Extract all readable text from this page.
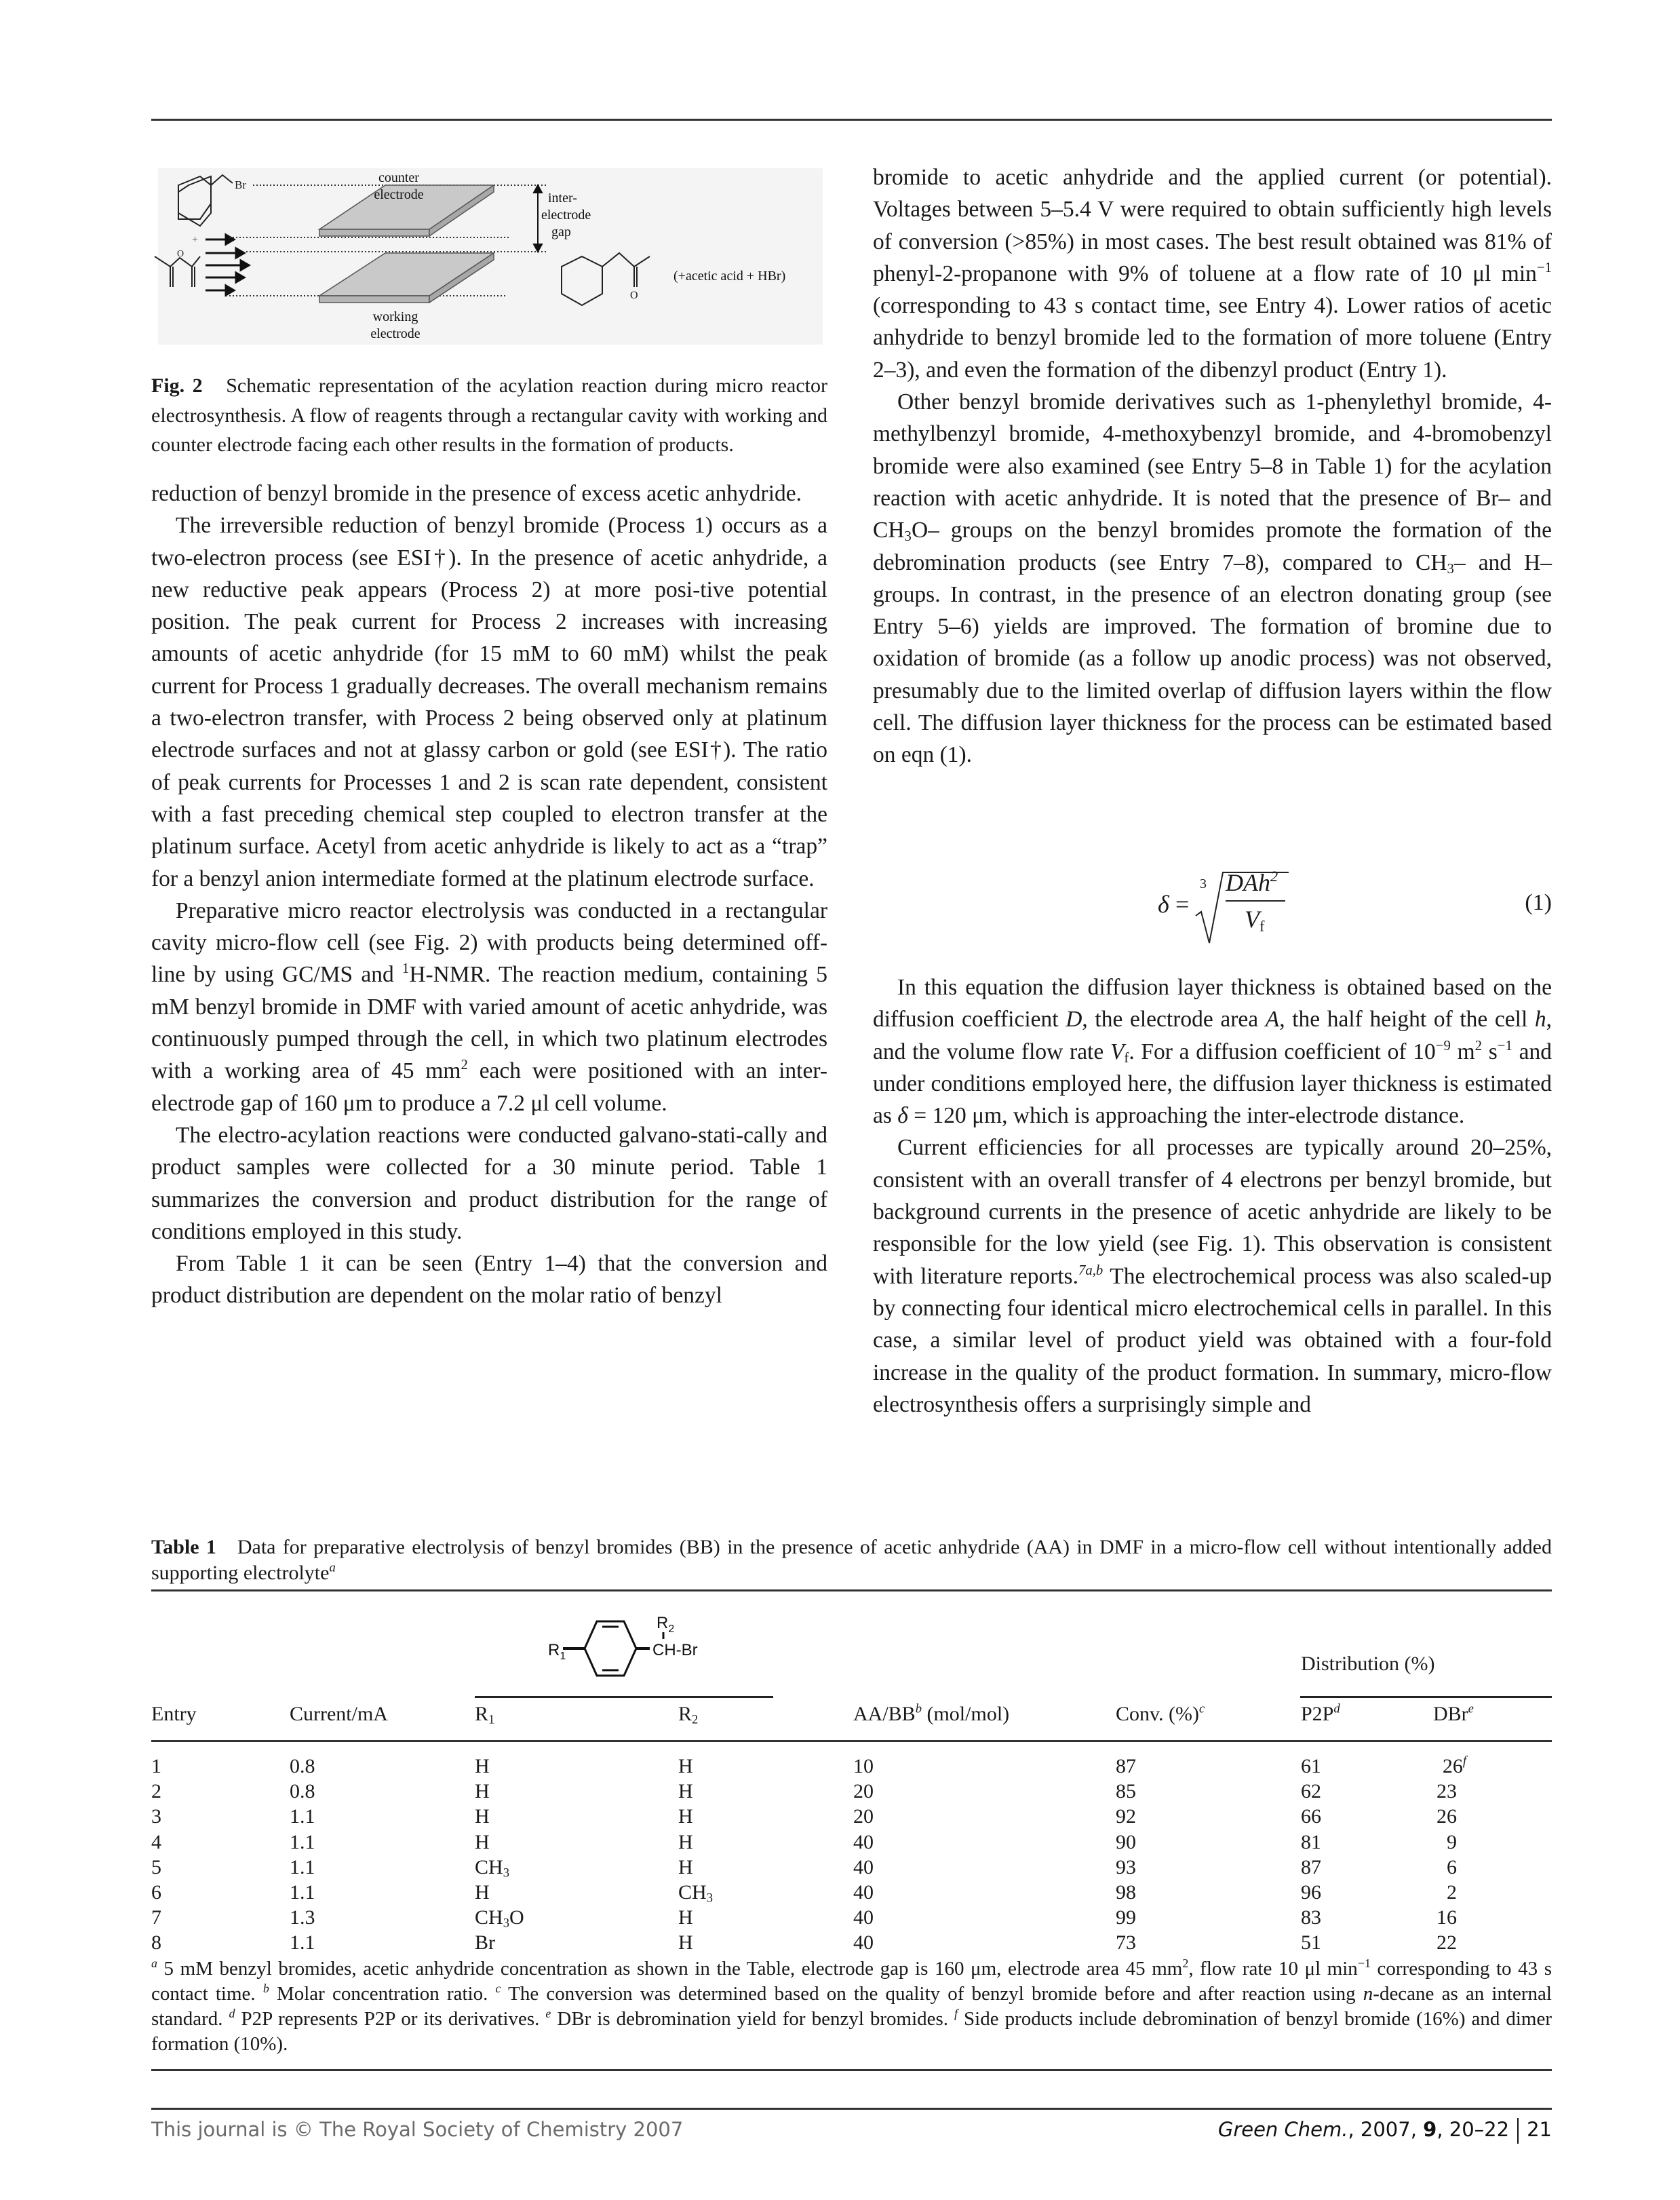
Br
+
O
counter
electrode
working
electrode
inter-
electrode
gap
O
(+acetic acid + HBr)
Fig. 2 Schematic representation of the acylation reaction during micro reactor electrosynthesis. A flow of reagents through a rectangular cavity with working and counter electrode facing each other results in the formation of products.

reduction of benzyl bromide in the presence of excess acetic anhydride.

The irreversible reduction of benzyl bromide (Process 1) occurs as a two-electron process (see ESI†). In the presence of acetic anhydride, a new reductive peak appears (Process 2) at more posi-tive potential position. The peak current for Process 2 increases with increasing amounts of acetic anhydride (for 15 mM to 60 mM) whilst the peak current for Process 1 gradually decreases. The overall mechanism remains a two-electron transfer, with Process 2 being observed only at platinum electrode surfaces and not at glassy carbon or gold (see ESI†). The ratio of peak currents for Processes 1 and 2 is scan rate dependent, consistent with a fast preceding chemical step coupled to electron transfer at the platinum surface. Acetyl from acetic anhydride is likely to act as a “trap” for a benzyl anion intermediate formed at the platinum electrode surface.

Preparative micro reactor electrolysis was conducted in a rectangular cavity micro-flow cell (see Fig. 2) with products being determined off-line by using GC/MS and $^1$H-NMR. The reaction medium, containing 5 mM benzyl bromide in DMF with varied amount of acetic anhydride, was continuously pumped through the cell, in which two platinum electrodes with a working area of 45 $mm^2$ each were positioned with an inter-electrode gap of 160 μm to produce a 7.2 μl cell volume.

The electro-acylation reactions were conducted galvano-stati-cally and product samples were collected for a 30 minute period. Table 1 summarizes the conversion and product distribution for the range of conditions employed in this study.

From Table 1 it can be seen (Entry 1–4) that the conversion and product distribution are dependent on the molar ratio of benzyl

bromide to acetic anhydride and the applied current (or potential). Voltages between 5–5.4 V were required to obtain sufficiently high levels of conversion (>85%) in most cases. The best result obtained was 81% of phenyl-2-propanone with 9% of toluene at a flow rate of 10 μl $\min^{-1}$ (corresponding to 43 s contact time, see Entry 4). Lower ratios of acetic anhydride to benzyl bromide led to the formation of more toluene (Entry 2–3), and even the formation of the dibenzyl product (Entry 1).

Other benzyl bromide derivatives such as 1-phenylethyl bromide, 4-methylbenzyl bromide, 4-methoxybenzyl bromide, and 4-bromobenzyl bromide were also examined (see Entry 5–8 in Table 1) for the acylation reaction with acetic anhydride. It is noted that the presence of Br– and $CH_3O-$ groups on the benzyl bromides promote the formation of the debromination products (see Entry 7–8), compared to $CH_3-$ and H– groups. In contrast, in the presence of an electron donating group (see Entry 5–6) yields are improved. The formation of bromine due to oxidation of bromide (as a follow up anodic process) was not observed, presumably due to the limited overlap of diffusion layers within the flow cell. The diffusion layer thickness for the process can be estimated based on eqn (1).

δ =
3 DAh$^2$
$V_f$
(1)

In this equation the diffusion layer thickness is obtained based on the diffusion coefficient D, the electrode area A, the half height of the cell h, and the volume flow rate $V_f$. For a diffusion coefficient of $10^{-9}$ $m^2$ $s^{-1}$ and under conditions employed here, the diffusion layer thickness is estimated as δ = 120 μm, which is approaching the inter-electrode distance.

Current efficiencies for all processes are typically around 20–25%, consistent with an overall transfer of 4 electrons per benzyl bromide, but background currents in the presence of acetic anhydride are likely to be responsible for the low yield (see Fig. 1). This observation is consistent with literature reports.$^{7a,b}$ The electrochemical process was also scaled-up by connecting four identical micro electrochemical cells in parallel. In this case, a similar level of product yield was obtained with a four-fold increase in the quality of the product formation. In summary, micro-flow electrosynthesis offers a surprisingly simple and

Table 1 Data for preparative electrolysis of benzyl bromides (BB) in the presence of acetic anhydride (AA) in DMF in a micro-flow cell without intentionally added supporting electrolyte$^a$
$R_1$
$R_2$
CH-Br
Distribution (%)
Entry	Current/mA	$R_1$	$R_2$	$AA/BB^b$ (mol/mol)	Conv. (%)$^c$	$P2P^d$	DBr$^e$
1	0.8	H	H	10	87	61	26$^f$
2	0.8	H	H	20	85	62	23
3	1.1	H	H	20	92	66	26
4	1.1	H	H	40	90	81	9
5	1.1	$CH_3$	H	40	93	87	6
6	1.1	H	$CH_3$	40	98	96	2
7	1.3	$CH_3O$	H	40	99	83	16
8	1.1	Br	H	40	73	51	22
$^a$ 5 mM benzyl bromides, acetic anhydride concentration as shown in the Table, electrode gap is 160 μm, electrode area 45 $mm^2$, flow rate 10 μl $\min^{-1}$ corresponding to 43 s contact time. $^b$ Molar concentration ratio. $^c$ The conversion was determined based on the quality of benzyl bromide before and after reaction using n-decane as an internal standard. $^d$ P2P represents P2P or its derivatives. $^e$ DBr is debromination yield for benzyl bromides. $^f$ Side products include debromination of benzyl bromide (16%) and dimer formation (10%).
This journal is © The Royal Society of Chemistry 2007	Green Chem., 2007, 9, 20–22 21
